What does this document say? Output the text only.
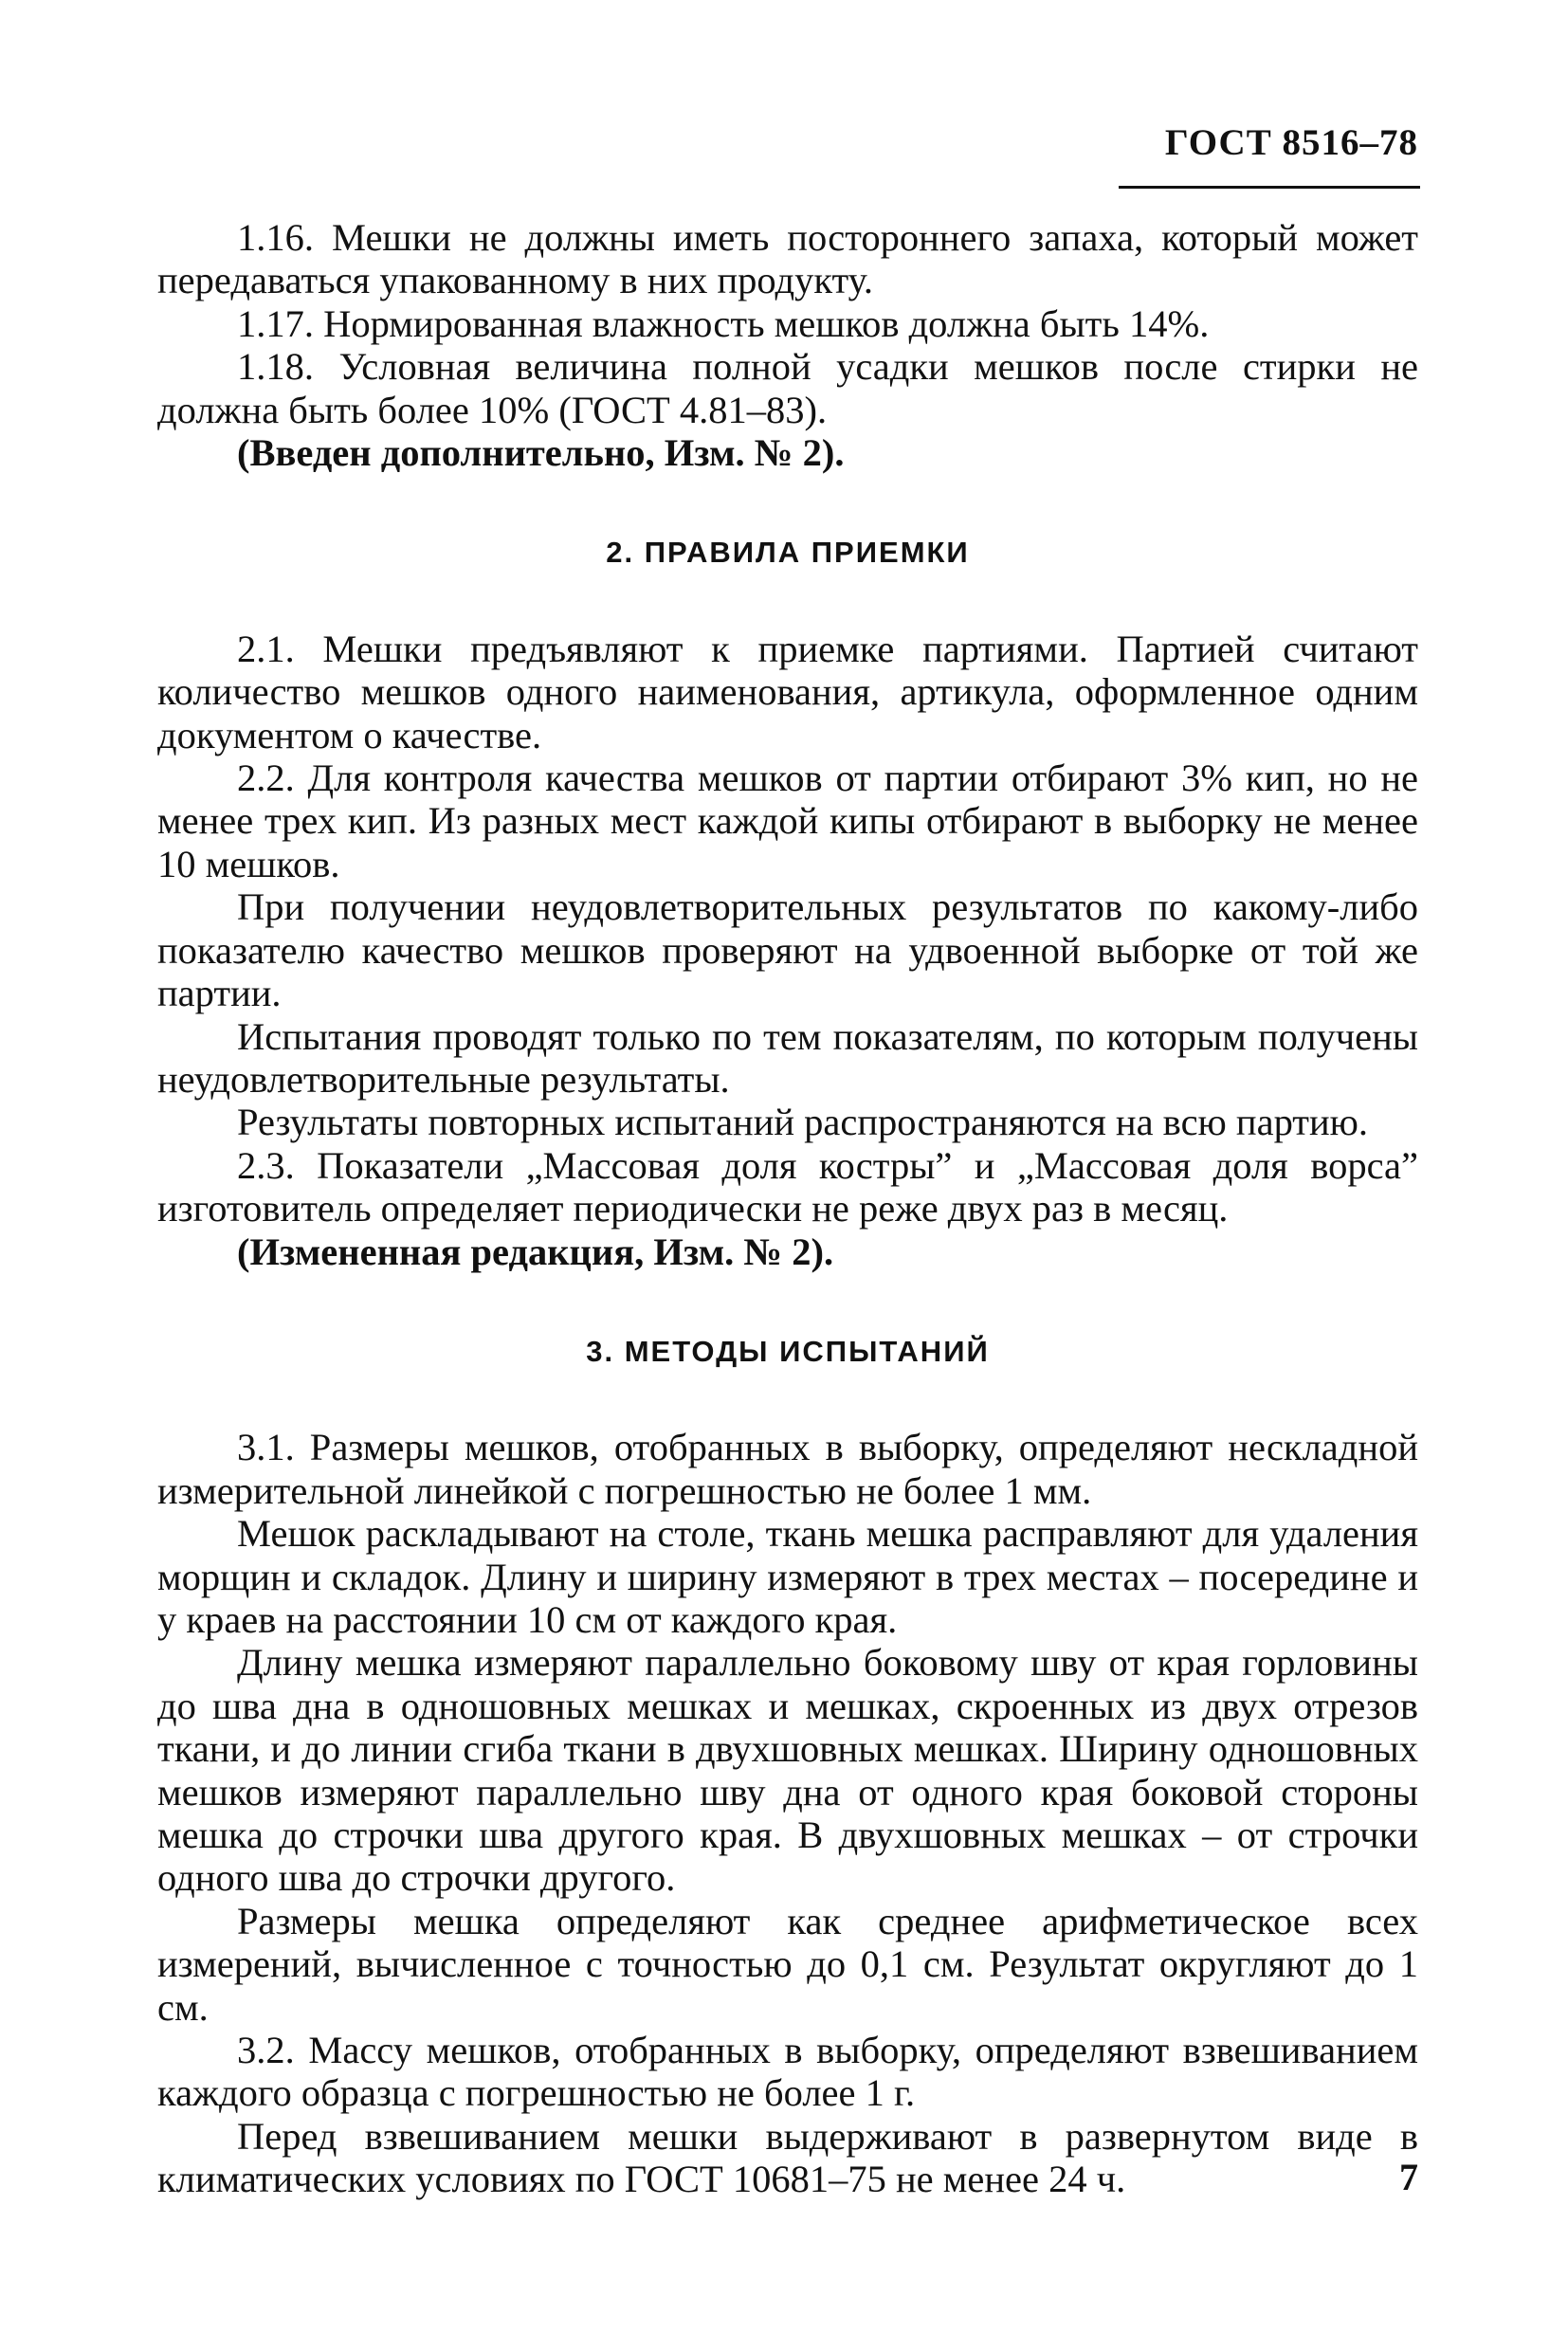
ГОСТ 8516–78

1.16. Мешки не должны иметь постороннего запаха, который может передаваться упакованному в них продукту.

1.17. Нормированная влажность мешков должна быть 14%.

1.18. Условная величина полной усадки мешков после стирки не должна быть более 10% (ГОСТ 4.81–83).

(Введен дополнительно, Изм. № 2).

2. ПРАВИЛА ПРИЕМКИ

2.1. Мешки предъявляют к приемке партиями. Партией считают количество мешков одного наименования, артикула, оформленное одним документом о качестве.

2.2. Для контроля качества мешков от партии отбирают 3% кип, но не менее трех кип. Из разных мест каждой кипы отбирают в выборку не менее 10 мешков.

При получении неудовлетворительных результатов по какому-либо показателю качество мешков проверяют на удвоенной выборке от той же партии.

Испытания проводят только по тем показателям, по которым получены неудовлетворительные результаты.

Результаты повторных испытаний распространяются на всю партию.

2.3. Показатели „Массовая доля костры” и „Массовая доля ворса” изготовитель определяет периодически не реже двух раз в месяц.

(Измененная редакция, Изм. № 2).

3. МЕТОДЫ ИСПЫТАНИЙ

3.1. Размеры мешков, отобранных в выборку, определяют нескладной измерительной линейкой с погрешностью не более 1 мм.

Мешок раскладывают на столе, ткань мешка расправляют для удаления морщин и складок. Длину и ширину измеряют в трех местах – посередине и у краев на расстоянии 10 см от каждого края.

Длину мешка измеряют параллельно боковому шву от края горловины до шва дна в одношовных мешках и мешках, скроенных из двух отрезов ткани, и до линии сгиба ткани в двухшовных мешках. Ширину одношовных мешков измеряют параллельно шву дна от одного края боковой стороны мешка до строчки шва другого края. В двухшовных мешках – от строчки одного шва до строчки другого.

Размеры мешка определяют как среднее арифметическое всех измерений, вычисленное с точностью до 0,1 см. Результат округляют до 1 см.

3.2. Массу мешков, отобранных в выборку, определяют взвешиванием каждого образца с погрешностью не более 1 г.

Перед взвешиванием мешки выдерживают в развернутом виде в климатических условиях по ГОСТ 10681–75 не менее 24 ч.	7
